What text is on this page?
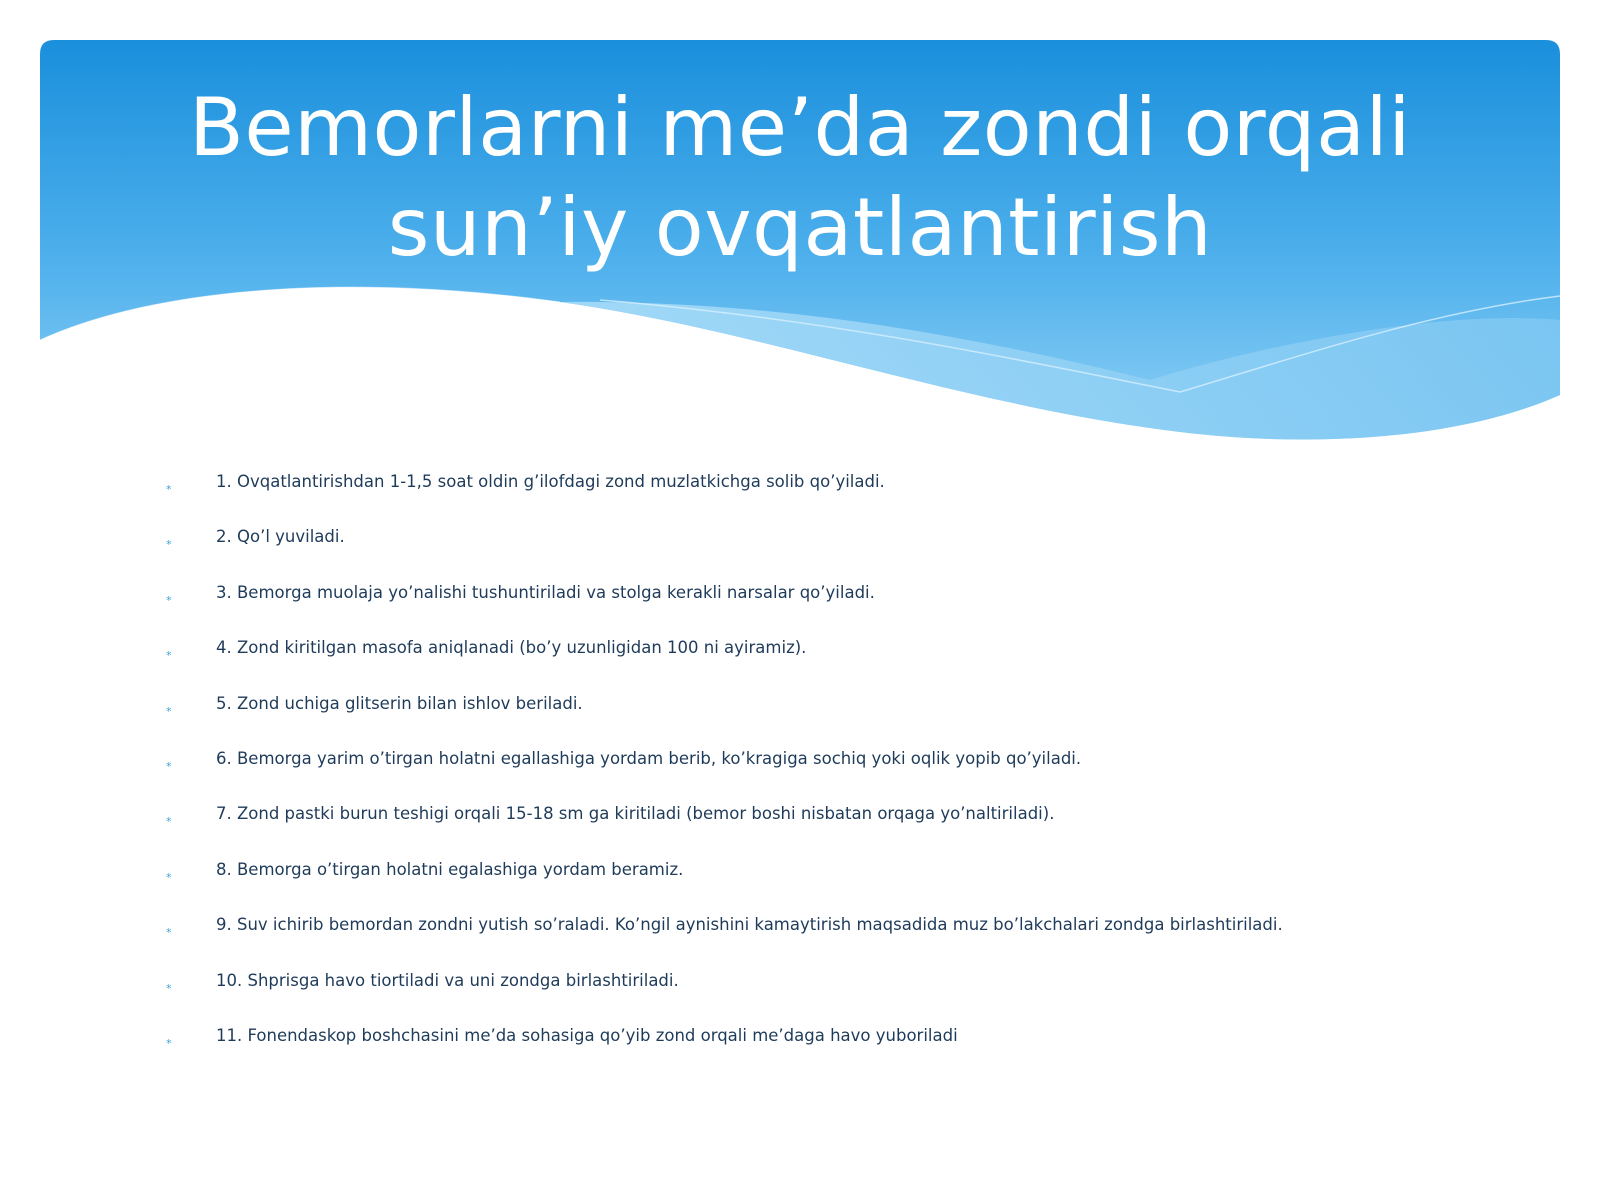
Bemorlarni me’da zondi orqali
sun’iy ovqatlantirish
*	1. Ovqatlantirishdan 1-1,5 soat oldin g’ilofdagi zond muzlatkichga solib qo’yiladi.
*	2. Qo’l yuviladi.
*	3. Bemorga muolaja yo’nalishi tushuntiriladi va stolga kerakli narsalar qo’yiladi.
*	4. Zond kiritilgan masofa aniqlanadi (bo’y uzunligidan 100 ni ayiramiz).
*	5. Zond uchiga glitserin bilan ishlov beriladi.
*	6. Bemorga yarim o’tirgan holatni egallashiga yordam berib, ko’kragiga sochiq yoki oqlik yopib qo’yiladi.
*	7. Zond pastki burun teshigi orqali 15-18 sm ga kiritiladi (bemor boshi nisbatan orqaga yo’naltiriladi).
*	8. Bemorga o’tirgan holatni egalashiga yordam beramiz.
*	9. Suv ichirib bemordan zondni yutish so’raladi. Ko’ngil aynishini kamaytirish maqsadida muz bo’lakchalari zondga birlashtiriladi.
*	10. Shprisga havo tiortiladi va uni zondga birlashtiriladi.
*	11. Fonendaskop boshchasini me’da sohasiga qo’yib zond orqali me’daga havo yuboriladi
